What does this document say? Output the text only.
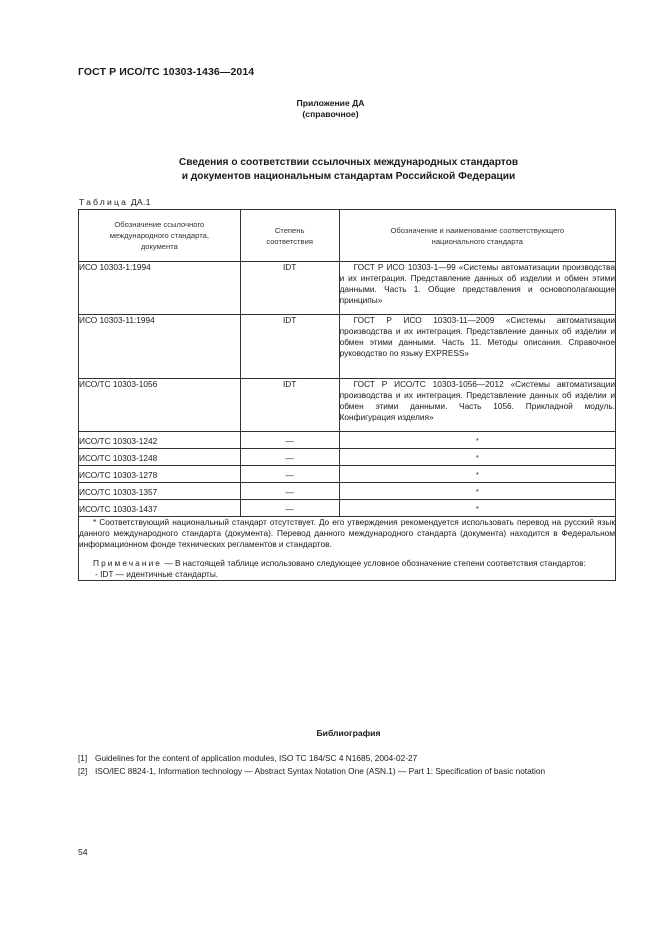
ГОСТ Р ИСО/ТС 10303-1436—2014
Приложение ДА
(справочное)
Сведения о соответствии ссылочных международных стандартов
и документов национальным стандартам Российской Федерации
Таблица ДА.1
Обозначение ссылочного международного стандарта, документа	Степень соответствия	Обозначение и наименование соответствующего национального стандарта

ИСО 10303-1:1994	IDT	ГОСТ Р ИСО 10303-1—99 «Системы автоматизации производства и их интеграция. Представление данных об изделии и обмен этими данными. Часть 1. Общие представления и основополагающие принципы»

ИСО 10303-11:1994	IDT	ГОСТ Р ИСО 10303-11—2009 «Системы автоматизации производства и их интеграция. Представление данных об изделии и обмен этими данными. Часть 11. Методы описания. Справочное руководство по языку EXPRESS»

ИСО/ТС 10303-1056	IDT	ГОСТ Р ИСО/ТС 10303-1056—2012 «Системы автоматизации производства и их интеграция. Представление данных об изделии и обмен этими данными. Часть 1056. Прикладной модуль. Конфигурация изделия»

ИСО/ТС 10303-1242	—	*
ИСО/ТС 10303-1248	—	*
ИСО/ТС 10303-1278	—	*
ИСО/ТС 10303-1357	—	*
ИСО/ТС 10303-1437	—	*

* Соответствующий национальный стандарт отсутствует. До его утверждения рекомендуется использовать перевод на русский язык данного международного стандарта (документа). Перевод данного международного стандарта (документа) находится в Федеральном информационном фонде технических регламентов и стандартов.
Примечание — В настоящей таблице использовано следующее условное обозначение степени соответствия стандартов:
- IDT — идентичные стандарты.		
Библиография
[1] Guidelines for the content of application modules, ISO TC 184/SC 4 N1685, 2004-02-27
[2] ISO/IEC 8824-1, Information technology — Abstract Syntax Notation One (ASN.1) — Part 1: Specification of basic notation
54
